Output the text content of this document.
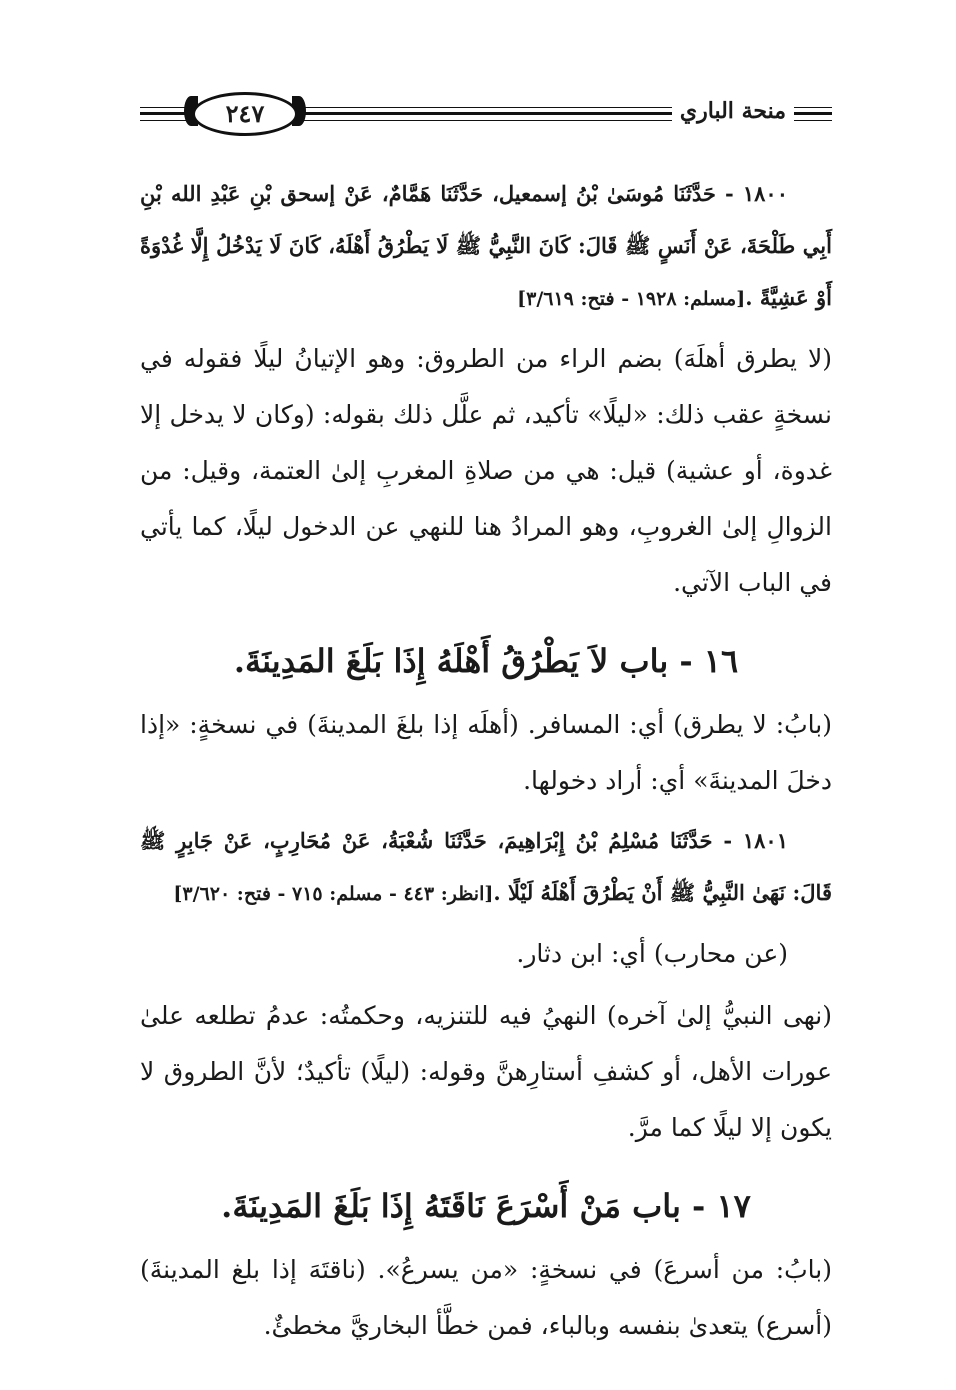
٢٤٧	منحة الباري

١٨٠٠ - حَدَّثَنَا مُوسَىٰ بْنُ إسمعيل، حَدَّثَنَا هَمَّامٌ، عَنْ إسحق بْنِ عَبْدِ الله بْنِ أَبِي طَلْحَةَ، عَنْ أَنَسٍ ﷺ قَالَ: كَانَ النَّبِيُّ ﷺ لَا يَطْرُقُ أَهْلَهُ، كَانَ لَا يَدْخُلُ إِلَّا غُدْوَةً أَوْ عَشِيَّةً .[مسلم: ١٩٢٨ - فتح: ٣/٦١٩]

(لا يطرق أهلَهَ) بضم الراء من الطروق: وهو الإتيانُ ليلًا فقوله في نسخةٍ عقب ذلك: «ليلًا» تأكيد، ثم علَّل ذلك بقوله: (وكان لا يدخل إلا غدوة، أو عشية) قيل: هي من صلاةِ المغربِ إلىٰ العتمة، وقيل: من الزوالِ إلىٰ الغروبِ، وهو المرادُ هنا للنهي عن الدخول ليلًا، كما يأتي في الباب الآتي.

١٦ - باب لاَ يَطْرُقُ أَهْلَهُ إِذَا بَلَغَ المَدِينَةَ.

(بابُ: لا يطرق) أي: المسافر. (أهلَه إذا بلغَ المدينةَ) في نسخةٍ: «إذا دخلَ المدينةَ» أي: أراد دخولها.

١٨٠١ - حَدَّثَنَا مُسْلِمُ بْنُ إِبْرَاهِيمَ، حَدَّثَنَا شُعْبَةُ، عَنْ مُحَارِبٍ، عَنْ جَابِرٍ ﷺ قَالَ: نَهَىٰ النَّبِيُّ ﷺ أَنْ يَطْرُقَ أَهْلَهُ لَيْلًا .[انظر: ٤٤٣ - مسلم: ٧١٥ - فتح: ٣/٦٢٠]

(عن محارب) أي: ابن دثار.

(نهى النبيُّ إلىٰ آخره) النهيُ فيه للتنزيه، وحكمتُه: عدمُ تطلعه علىٰ عورات الأهل، أو كشفِ أستارِهنَّ وقوله: (ليلًا) تأكيدٌ؛ لأنَّ الطروق لا يكون إلا ليلًا كما مرَّ.

١٧ - باب مَنْ أَسْرَعَ نَاقَتَهُ إِذَا بَلَغَ المَدِينَةَ.

(بابُ: من أسرعَ) في نسخةٍ: «من يسرعُ». (ناقتَهَ إذا بلغ المدينةَ) (أسرع) يتعدىٰ بنفسه وبالباء، فمن خطَّأ البخاريَّ مخطئٌ.
